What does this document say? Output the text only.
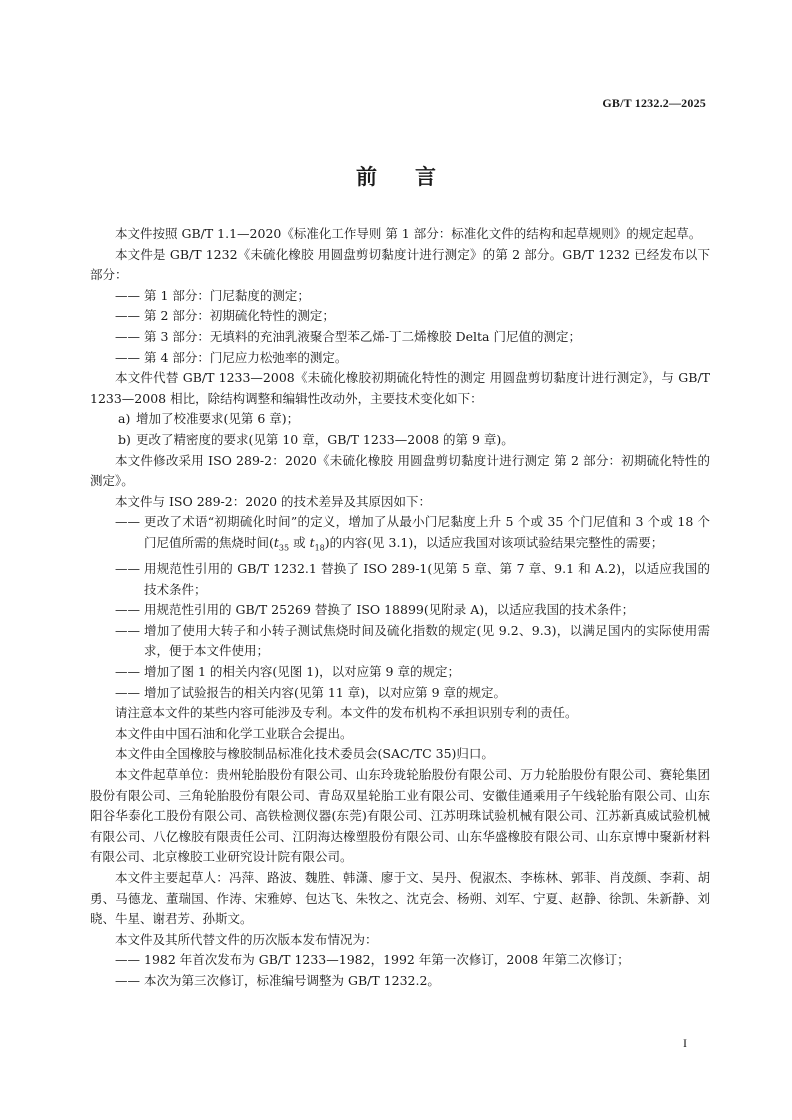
GB/T 1232.2—2025
前言

本文件按照 GB/T 1.1—2020《标准化工作导则 第 1 部分：标准化文件的结构和起草规则》的规定起草。

本文件是 GB/T 1232《未硫化橡胶 用圆盘剪切黏度计进行测定》的第 2 部分。GB/T 1232 已经发布以下部分：

—— 第 1 部分：门尼黏度的测定；

—— 第 2 部分：初期硫化特性的测定；

—— 第 3 部分：无填料的充油乳液聚合型苯乙烯-丁二烯橡胶 Delta 门尼值的测定；

—— 第 4 部分：门尼应力松弛率的测定。

本文件代替 GB/T 1233—2008《未硫化橡胶初期硫化特性的测定 用圆盘剪切黏度计进行测定》，与 GB/T 1233—2008 相比，除结构调整和编辑性改动外，主要技术变化如下：

a) 增加了校准要求(见第 6 章)；

b) 更改了精密度的要求(见第 10 章，GB/T 1233—2008 的第 9 章)。

本文件修改采用 ISO 289-2：2020《未硫化橡胶 用圆盘剪切黏度计进行测定 第 2 部分：初期硫化特性的测定》。

本文件与 ISO 289-2：2020 的技术差异及其原因如下：

—— 更改了术语“初期硫化时间”的定义，增加了从最小门尼黏度上升 5 个或 35 个门尼值和 3 个或 18 个门尼值所需的焦烧时间($t_{35}$ 或 $t_{18}$)的内容(见 3.1)，以适应我国对该项试验结果完整性的需要；

—— 用规范性引用的 GB/T 1232.1 替换了 ISO 289-1(见第 5 章、第 7 章、9.1 和 A.2)，以适应我国的技术条件；

—— 用规范性引用的 GB/T 25269 替换了 ISO 18899(见附录 A)，以适应我国的技术条件；

—— 增加了使用大转子和小转子测试焦烧时间及硫化指数的规定(见 9.2、9.3)，以满足国内的实际使用需求，便于本文件使用；

—— 增加了图 1 的相关内容(见图 1)，以对应第 9 章的规定；

—— 增加了试验报告的相关内容(见第 11 章)，以对应第 9 章的规定。

请注意本文件的某些内容可能涉及专利。本文件的发布机构不承担识别专利的责任。

本文件由中国石油和化学工业联合会提出。

本文件由全国橡胶与橡胶制品标准化技术委员会(SAC/TC 35)归口。

本文件起草单位：贵州轮胎股份有限公司、山东玲珑轮胎股份有限公司、万力轮胎股份有限公司、赛轮集团股份有限公司、三角轮胎股份有限公司、青岛双星轮胎工业有限公司、安徽佳通乘用子午线轮胎有限公司、山东阳谷华泰化工股份有限公司、高铁检测仪器(东莞)有限公司、江苏明珠试验机械有限公司、江苏新真威试验机械有限公司、八亿橡胶有限责任公司、江阴海达橡塑股份有限公司、山东华盛橡胶有限公司、山东京博中聚新材料有限公司、北京橡胶工业研究设计院有限公司。

本文件主要起草人：冯萍、路波、魏胜、韩潇、廖于文、吴丹、倪淑杰、李栋林、郭菲、肖茂颜、李莉、胡勇、马德龙、董瑞国、作涛、宋雅婷、包达飞、朱牧之、沈克会、杨朔、刘军、宁夏、赵静、徐凯、朱新静、刘晓、牛星、谢君芳、孙斯文。

本文件及其所代替文件的历次版本发布情况为：

—— 1982 年首次发布为 GB/T 1233—1982，1992 年第一次修订，2008 年第二次修订；

—— 本次为第三次修订，标准编号调整为 GB/T 1232.2。

I
